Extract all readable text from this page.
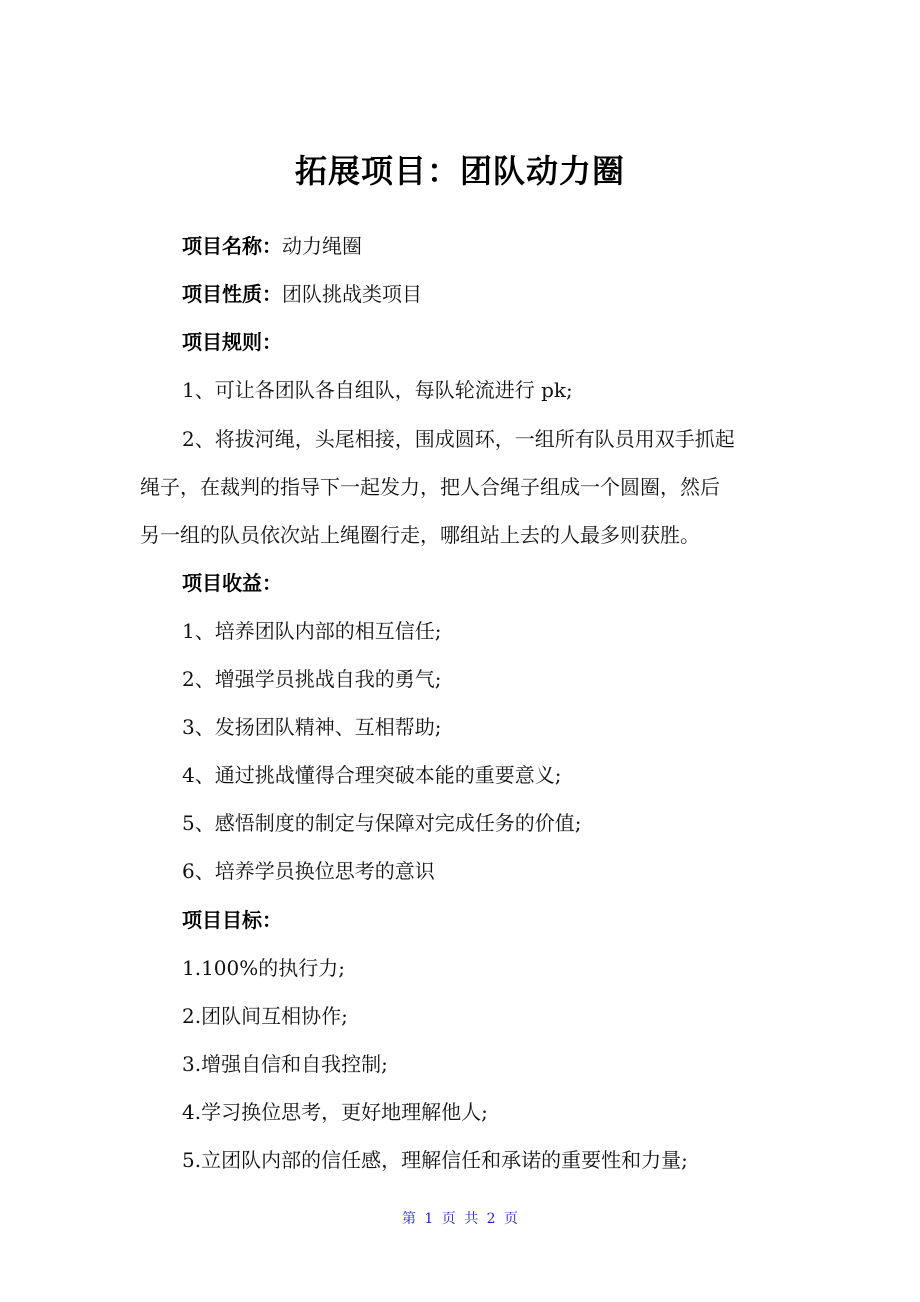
拓展项目：团队动力圈
项目名称：动力绳圈
项目性质：团队挑战类项目
项目规则：
1、可让各团队各自组队，每队轮流进行 pk;
2、将拔河绳，头尾相接，围成圆环，一组所有队员用双手抓起
绳子，在裁判的指导下一起发力，把人合绳子组成一个圆圈，然后
另一组的队员依次站上绳圈行走，哪组站上去的人最多则获胜。
项目收益：
1、培养团队内部的相互信任;
2、增强学员挑战自我的勇气;
3、发扬团队精神、互相帮助;
4、通过挑战懂得合理突破本能的重要意义;
5、感悟制度的制定与保障对完成任务的价值;
6、培养学员换位思考的意识
项目目标：
1.100%的执行力;
2.团队间互相协作;
3.增强自信和自我控制;
4.学习换位思考，更好地理解他人;
5.立团队内部的信任感，理解信任和承诺的重要性和力量;
第 1 页 共 2 页
